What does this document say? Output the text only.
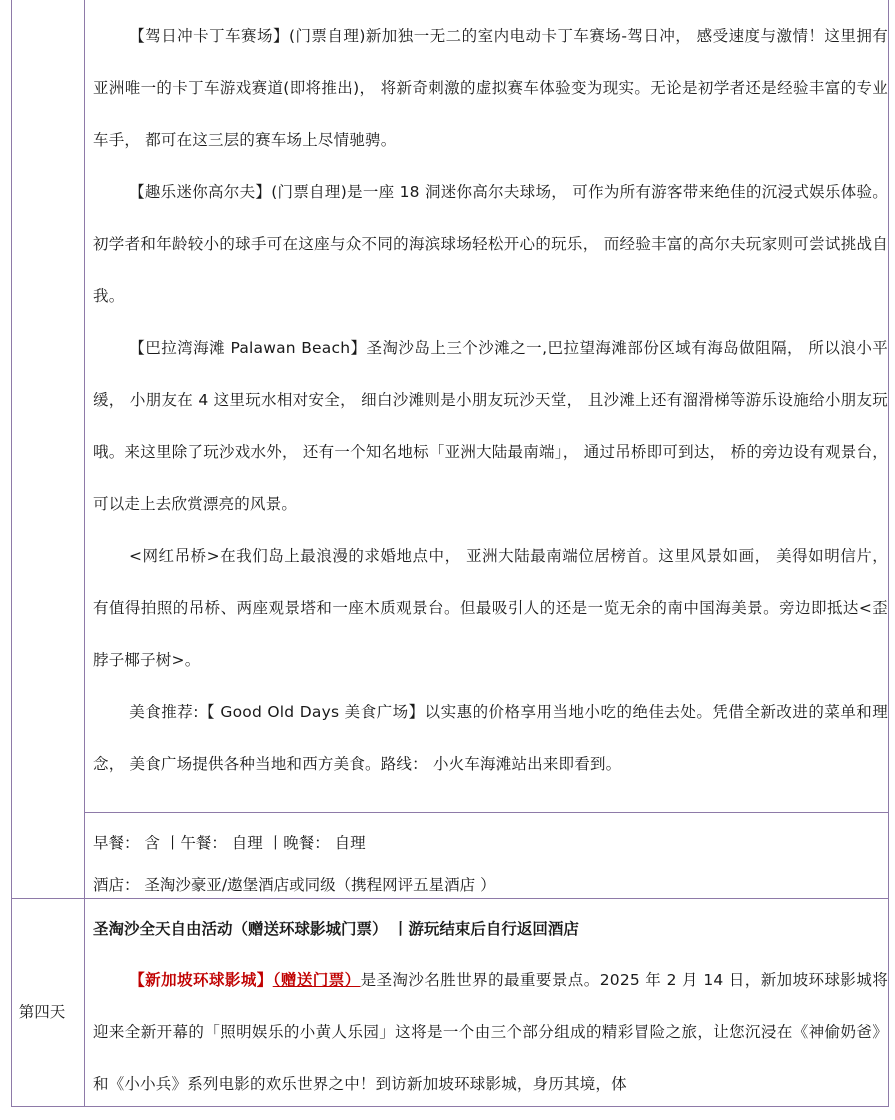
【驾日冲卡丁车赛场】(门票自理)新加独一无二的室内电动卡丁车赛场-驾日冲， 感受速度与激情！这里拥有亚洲唯一的卡丁车游戏赛道(即将推出)， 将新奇刺激的虚拟赛车体验变为现实。无论是初学者还是经验丰富的专业车手， 都可在这三层的赛车场上尽情驰骋。

【趣乐迷你高尔夫】(门票自理)是一座 18 洞迷你高尔夫球场， 可作为所有游客带来绝佳的沉浸式娱乐体验。初学者和年龄较小的球手可在这座与众不同的海滨球场轻松开心的玩乐， 而经验丰富的高尔夫玩家则可尝试挑战自我。

【巴拉湾海滩 Palawan Beach】圣淘沙岛上三个沙滩之一,巴拉望海滩部份区域有海岛做阻隔， 所以浪小平缓， 小朋友在 4 这里玩水相对安全， 细白沙滩则是小朋友玩沙天堂， 且沙滩上还有溜滑梯等游乐设施给小朋友玩哦。来这里除了玩沙戏水外， 还有一个知名地标「亚洲大陆最南端」， 通过吊桥即可到达， 桥的旁边设有观景台， 可以走上去欣赏漂亮的风景。

<网红吊桥>在我们岛上最浪漫的求婚地点中， 亚洲大陆最南端位居榜首。这里风景如画， 美得如明信片， 有值得拍照的吊桥、两座观景塔和一座木质观景台。但最吸引人的还是一览无余的南中国海美景。旁边即抵达<歪脖子椰子树>。

美食推荐:【 Good Old Days 美食广场】以实惠的价格享用当地小吃的绝佳去处。凭借全新改进的菜单和理念， 美食广场提供各种当地和西方美食。路线： 小火车海滩站出来即看到。

早餐： 含 丨午餐： 自理 丨晚餐： 自理
酒店： 圣淘沙豪亚/遨堡酒店或同级（携程网评五星酒店 ）
第四天
圣淘沙全天自由活动（赠送环球影城门票） 丨游玩结束后自行返回酒店

【新加坡环球影城】（赠送门票）是圣淘沙名胜世界的最重要景点。2025 年 2 月 14 日，新加坡环球影城将迎来全新开幕的「照明娱乐的小黄人乐园」这将是一个由三个部分组成的精彩冒险之旅，让您沉浸在《神偷奶爸》和《小小兵》系列电影的欢乐世界之中！到访新加坡环球影城，身历其境，体
